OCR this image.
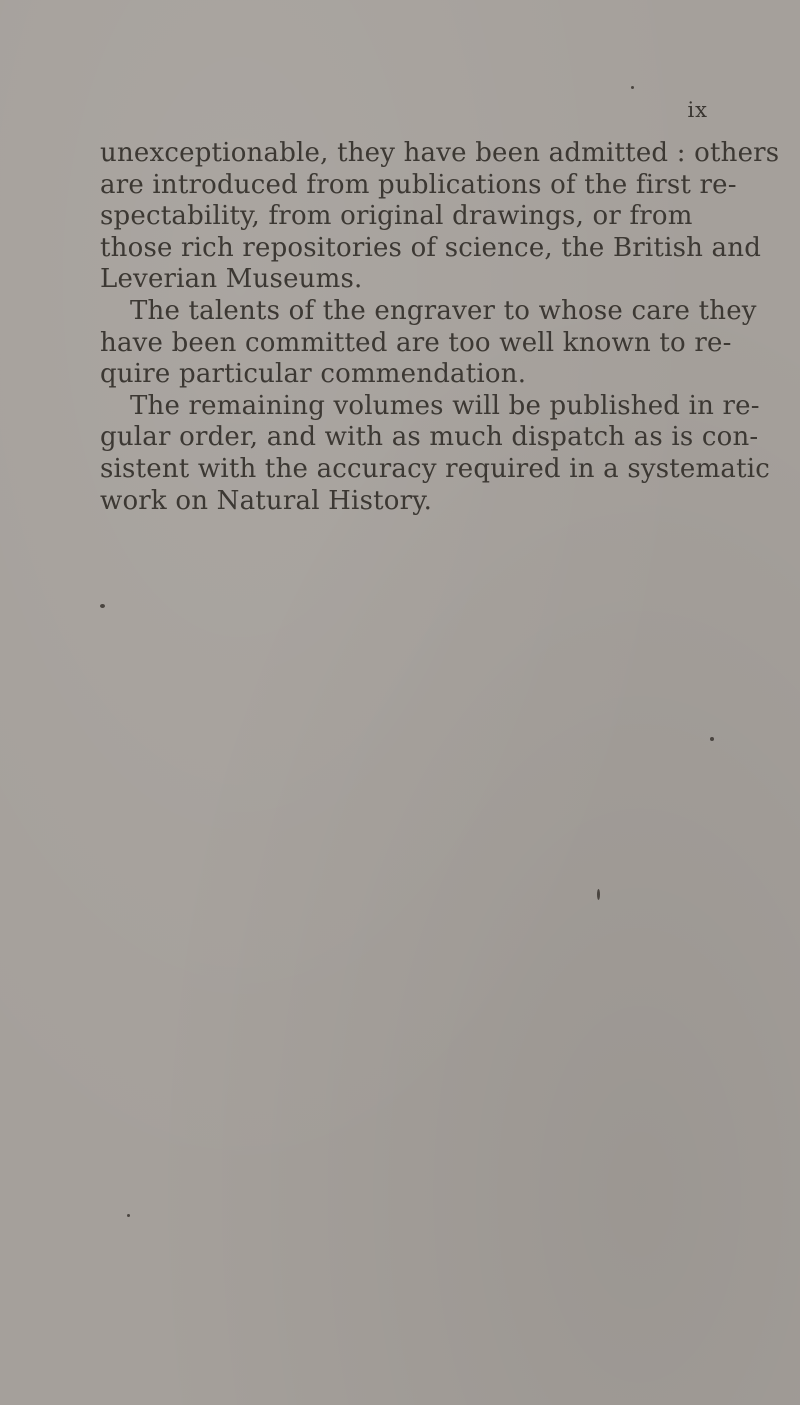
ix
unexceptionable, they have been admitted : others
are introduced from publications of the first re-
spectability, from original drawings, or from
those rich repositories of science, the British and
Leverian Museums.
The talents of the engraver to whose care they
have been committed are too well known to re-
quire particular commendation.
The remaining volumes will be published in re-
gular order, and with as much dispatch as is con-
sistent with the accuracy required in a systematic
work on Natural History.
